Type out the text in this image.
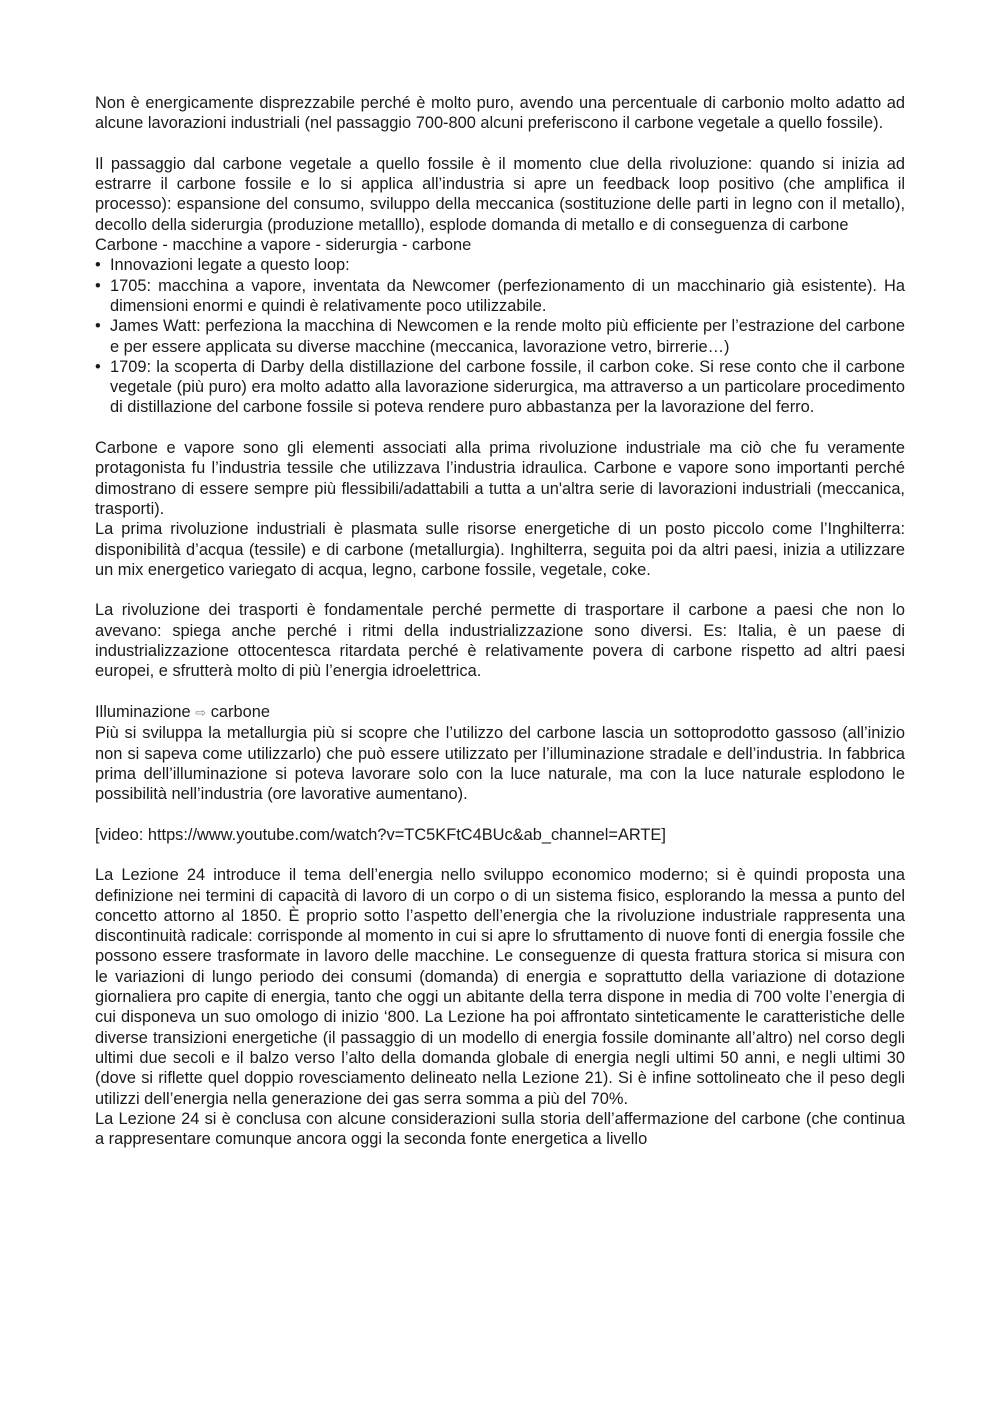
Non è energicamente disprezzabile perché è molto puro, avendo una percentuale di carbonio molto adatto ad alcune lavorazioni industriali (nel passaggio 700-800 alcuni preferiscono il carbone vegetale a quello fossile).

Il passaggio dal carbone vegetale a quello fossile è il momento clue della rivoluzione: quando si inizia ad estrarre il carbone fossile e lo si applica all’industria si apre un feedback loop positivo (che amplifica il processo): espansione del consumo, sviluppo della meccanica (sostituzione delle parti in legno con il metallo), decollo della siderurgia (produzione metalllo), esplode domanda di metallo e di conseguenza di carbone

Carbone - macchine a vapore - siderurgia - carbone

• Innovazioni legate a questo loop:
• 1705: macchina a vapore, inventata da Newcomer (perfezionamento di un macchinario già esistente). Ha dimensioni enormi e quindi è relativamente poco utilizzabile.
• James Watt: perfeziona la macchina di Newcomen e la rende molto più efficiente per l’estrazione del carbone e per essere applicata su diverse macchine (meccanica, lavorazione vetro, birrerie…)
• 1709: la scoperta di Darby della distillazione del carbone fossile, il carbon coke. Si rese conto che il carbone vegetale (più puro) era molto adatto alla lavorazione siderurgica, ma attraverso a un particolare procedimento di distillazione del carbone fossile si poteva rendere puro abbastanza per la lavorazione del ferro.

Carbone e vapore sono gli elementi associati alla prima rivoluzione industriale ma ciò che fu veramente protagonista fu l’industria tessile che utilizzava l’industria idraulica. Carbone e vapore sono importanti perché dimostrano di essere sempre più flessibili/adattabili a tutta a un'altra serie di lavorazioni industriali (meccanica, trasporti).

La prima rivoluzione industriali è plasmata sulle risorse energetiche di un posto piccolo come l’Inghilterra: disponibilità d’acqua (tessile) e di carbone (metallurgia). Inghilterra, seguita poi da altri paesi, inizia a utilizzare un mix energetico variegato di acqua, legno, carbone fossile, vegetale, coke.

La rivoluzione dei trasporti è fondamentale perché permette di trasportare il carbone a paesi che non lo avevano: spiega anche perché i ritmi della industrializzazione sono diversi. Es: Italia, è un paese di industrializzazione ottocentesca ritardata perché è relativamente povera di carbone rispetto ad altri paesi europei, e sfrutterà molto di più l’energia idroelettrica.

Illuminazione ⇨ carbone

Più si sviluppa la metallurgia più si scopre che l’utilizzo del carbone lascia un sottoprodotto gassoso (all’inizio non si sapeva come utilizzarlo) che può essere utilizzato per l’illuminazione stradale e dell’industria. In fabbrica prima dell’illuminazione si poteva lavorare solo con la luce naturale, ma con la luce naturale esplodono le possibilità nell’industria (ore lavorative aumentano).

[video: https://www.youtube.com/watch?v=TC5KFtC4BUc&ab_channel=ARTE]

La Lezione 24 introduce il tema dell’energia nello sviluppo economico moderno; si è quindi proposta una definizione nei termini di capacità di lavoro di un corpo o di un sistema fisico, esplorando la messa a punto del concetto attorno al 1850. È proprio sotto l’aspetto dell’energia che la rivoluzione industriale rappresenta una discontinuità radicale: corrisponde al momento in cui si apre lo sfruttamento di nuove fonti di energia fossile che possono essere trasformate in lavoro delle macchine. Le conseguenze di questa frattura storica si misura con le variazioni di lungo periodo dei consumi (domanda) di energia e soprattutto della variazione di dotazione giornaliera pro capite di energia, tanto che oggi un abitante della terra dispone in media di 700 volte l’energia di cui disponeva un suo omologo di inizio ‘800. La Lezione ha poi affrontato sinteticamente le caratteristiche delle diverse transizioni energetiche (il passaggio di un modello di energia fossile dominante all’altro) nel corso degli ultimi due secoli e il balzo verso l’alto della domanda globale di energia negli ultimi 50 anni, e negli ultimi 30 (dove si riflette quel doppio rovesciamento delineato nella Lezione 21). Si è infine sottolineato che il peso degli utilizzi dell’energia nella generazione dei gas serra somma a più del 70%.

La Lezione 24 si è conclusa con alcune considerazioni sulla storia dell’affermazione del carbone (che continua a rappresentare comunque ancora oggi la seconda fonte energetica a livello
